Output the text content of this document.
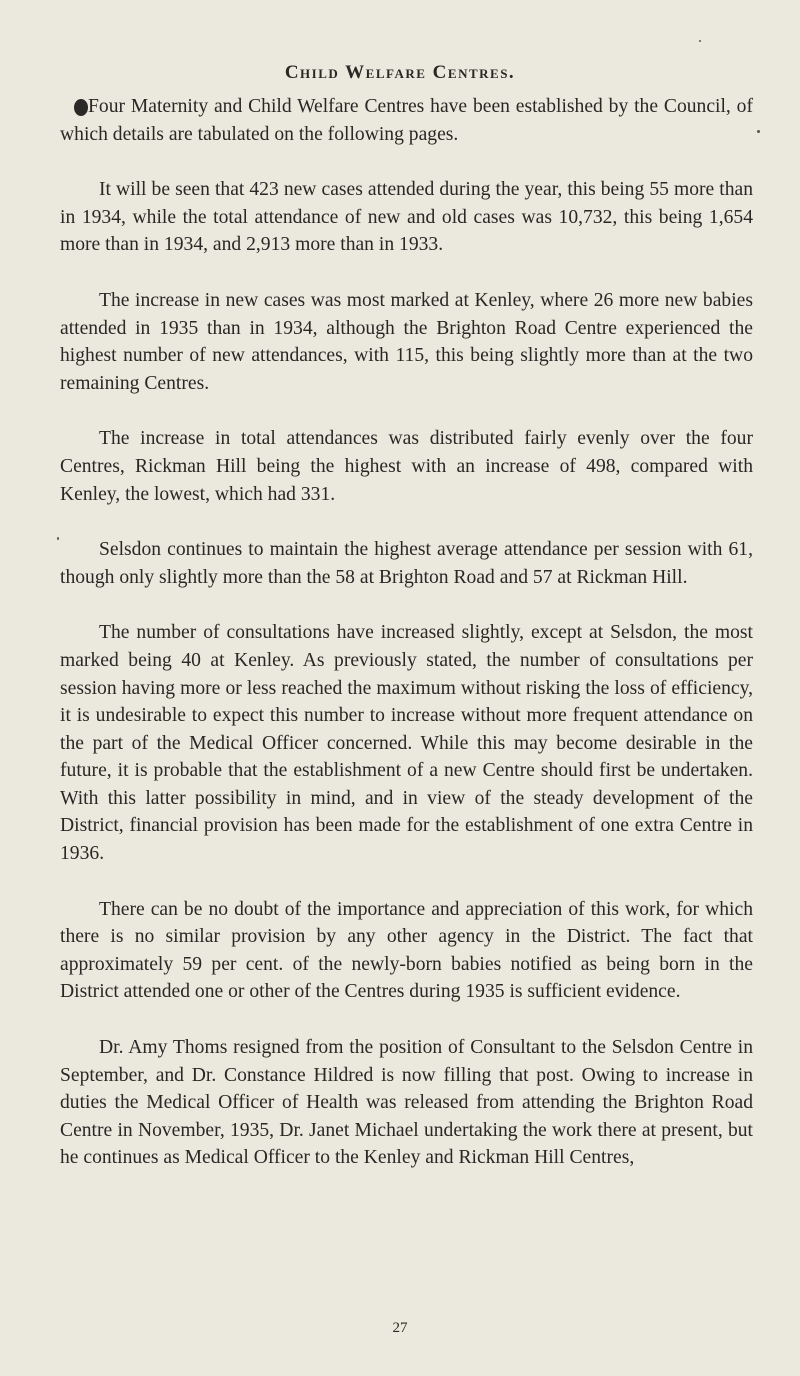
Child Welfare Centres.

Four Maternity and Child Welfare Centres have been established by the Council, of which details are tabulated on the following pages.

It will be seen that 423 new cases attended during the year, this being 55 more than in 1934, while the total attendance of new and old cases was 10,732, this being 1,654 more than in 1934, and 2,913 more than in 1933.

The increase in new cases was most marked at Kenley, where 26 more new babies attended in 1935 than in 1934, although the Brighton Road Centre experienced the highest number of new attendances, with 115, this being slightly more than at the two remaining Centres.

The increase in total attendances was distributed fairly evenly over the four Centres, Rickman Hill being the highest with an increase of 498, compared with Kenley, the lowest, which had 331.

Selsdon continues to maintain the highest average attendance per session with 61, though only slightly more than the 58 at Brighton Road and 57 at Rickman Hill.

The number of consultations have increased slightly, except at Selsdon, the most marked being 40 at Kenley. As previously stated, the number of consultations per session having more or less reached the maximum without risking the loss of efficiency, it is undesirable to expect this number to increase without more frequent attendance on the part of the Medical Officer concerned. While this may become desirable in the future, it is probable that the establishment of a new Centre should first be undertaken. With this latter possibility in mind, and in view of the steady development of the District, financial provision has been made for the establishment of one extra Centre in 1936.

There can be no doubt of the importance and appreciation of this work, for which there is no similar provision by any other agency in the District. The fact that approximately 59 per cent. of the newly-born babies notified as being born in the District attended one or other of the Centres during 1935 is sufficient evidence.

Dr. Amy Thoms resigned from the position of Consultant to the Selsdon Centre in September, and Dr. Constance Hildred is now filling that post. Owing to increase in duties the Medical Officer of Health was released from attending the Brighton Road Centre in November, 1935, Dr. Janet Michael undertaking the work there at present, but he continues as Medical Officer to the Kenley and Rickman Hill Centres,

27
